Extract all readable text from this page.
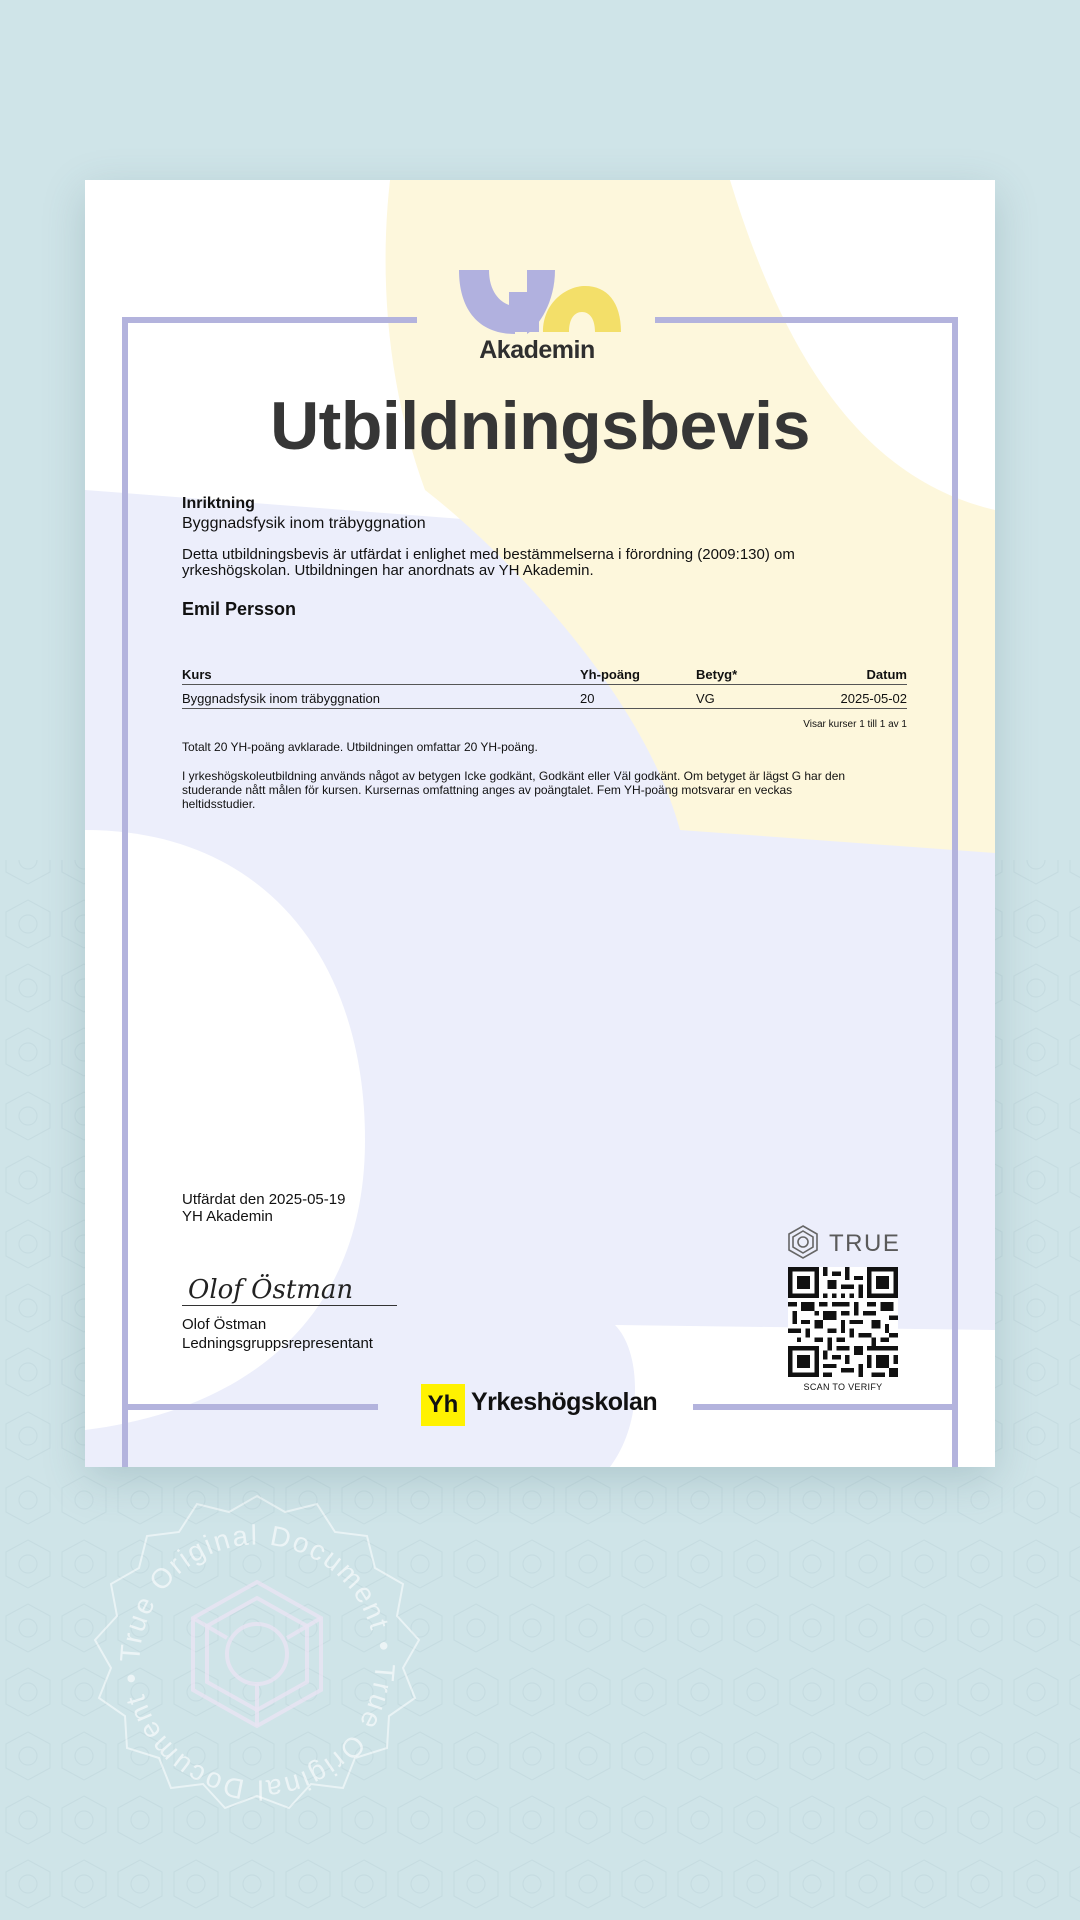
True Original Document • True Original Document •
Akademin
Utbildningsbevis
Inriktning
Byggnadsfysik inom träbyggnation
Detta utbildningsbevis är utfärdat i enlighet med bestämmelserna i förordning (2009:130) om
yrkeshögskolan. Utbildningen har anordnats av YH Akademin.
Emil Persson
Kurs	Yh-poäng	Betyg*	Datum
Byggnadsfysik inom träbyggnation	20	VG	2025-05-02
Visar kurser 1 till 1 av 1
Totalt 20 YH-poäng avklarade. Utbildningen omfattar 20 YH-poäng.
I yrkeshögskoleutbildning används något av betygen Icke godkänt, Godkänt eller Väl godkänt. Om betyget är lägst G har den
studerande nått målen för kursen. Kursernas omfattning anges av poängtalet. Fem YH-poäng motsvarar en veckas
heltidsstudier.
Utfärdat den 2025-05-19
YH Akademin
Olof Östman
Olof Östman
Ledningsgruppsrepresentant
TRUE
SCAN TO VERIFY
Yh Yrkeshögskolan
